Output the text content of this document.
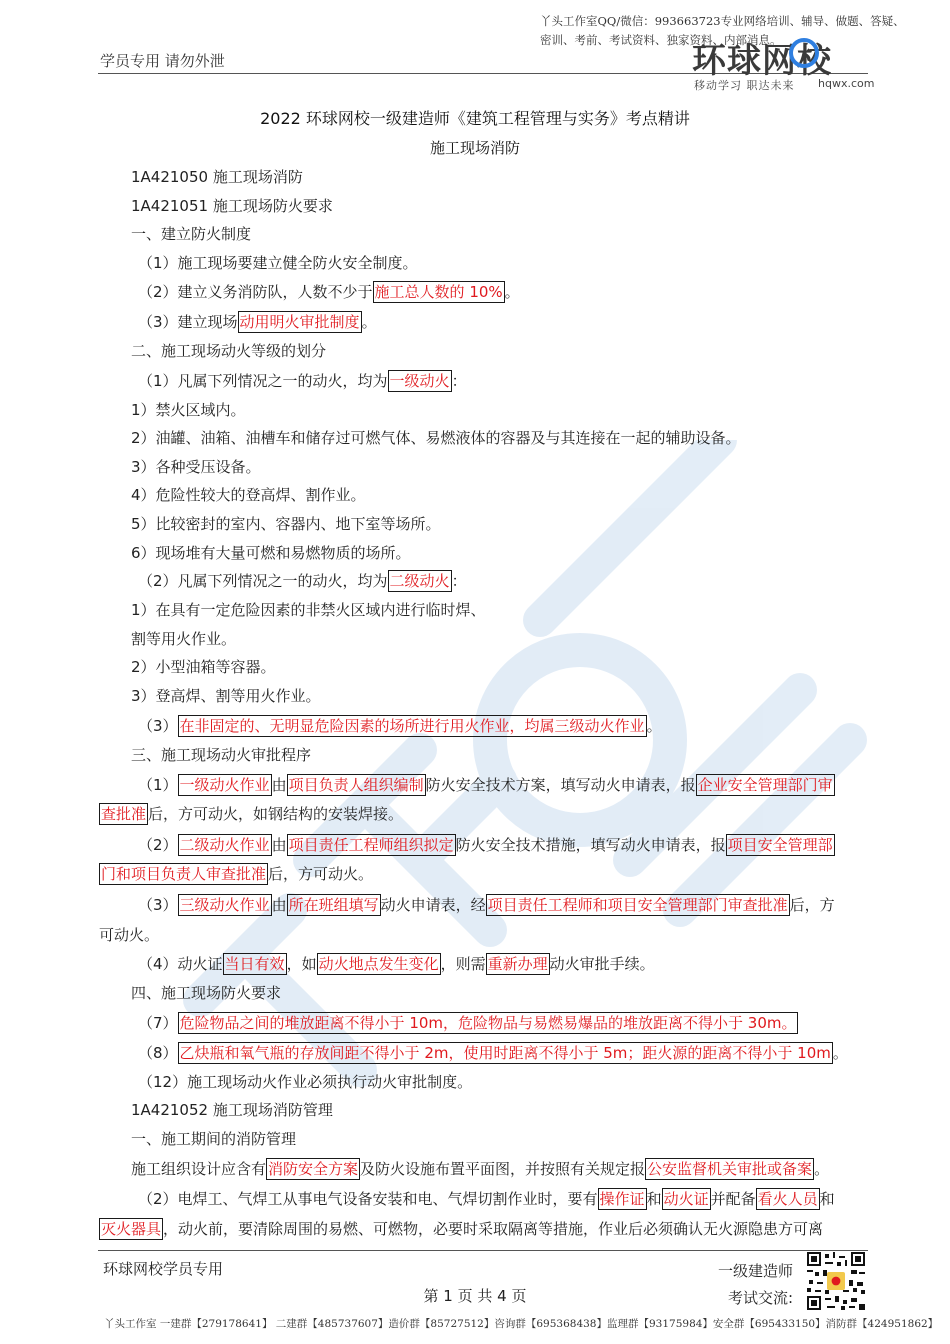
丫头工作室QQ/微信：993663723专业网络培训、辅导、做题、答疑、密训、考前、考试资料、独家资料、内部消息。
学员专用 请勿外泄	环球网校
移动学习 职达未来 hqwx.com
2022 环球网校一级建造师《建筑工程管理与实务》考点精讲
施工现场消防
1A421050 施工现场消防
1A421051 施工现场防火要求
一、建立防火制度
（1）施工现场要建立健全防火安全制度。
（2）建立义务消防队，人数不少于 施工总人数的 10% 。
（3）建立现场 动用明火审批制度 。
二、施工现场动火等级的划分
（1）凡属下列情况之一的动火，均为 一级动火 ：
1）禁火区域内。
2）油罐、油箱、油槽车和储存过可燃气体、易燃液体的容器及与其连接在一起的辅助设备。
3）各种受压设备。
4）危险性较大的登高焊、割作业。
5）比较密封的室内、容器内、地下室等场所。
6）现场堆有大量可燃和易燃物质的场所。
（2）凡属下列情况之一的动火，均为 二级动火 ：
1）在具有一定危险因素的非禁火区域内进行临时焊、
割等用火作业。
2）小型油箱等容器。
3）登高焊、割等用火作业。
（3） 在非固定的、无明显危险因素的场所进行用火作业，均属三级动火作业 。
三、施工现场动火审批程序
（1） 一级动火作业 由 项目负责人组织编制 防火安全技术方案，填写动火申请表，报 企业安全管理部门审
查批准 后，方可动火，如钢结构的安装焊接。
（2） 二级动火作业 由 项目责任工程师组织拟定 防火安全技术措施，填写动火申请表，报 项目安全管理部
门和项目负责人审查批准 后，方可动火。
（3） 三级动火作业 由 所在班组填写 动火申请表，经 项目责任工程师和项目安全管理部门审查批准 后，方
可动火。
（4）动火证 当日有效 ，如 动火地点发生变化 ，则需 重新办理 动火审批手续。
四、施工现场防火要求
（7） 危险物品之间的堆放距离不得小于 10m，危险物品与易燃易爆品的堆放距离不得小于 30m。
（8） 乙炔瓶和氧气瓶的存放间距不得小于 2m，使用时距离不得小于 5m；距火源的距离不得小于 10m 。
（12）施工现场动火作业必须执行动火审批制度。
1A421052 施工现场消防管理
一、施工期间的消防管理
施工组织设计应含有 消防安全方案 及防火设施布置平面图，并按照有关规定报 公安监督机关审批或备案 。
（2）电焊工、气焊工从事电气设备安装和电、气焊切割作业时，要有 操作证 和 动火证 并配备 看火人员 和
灭火器具 ，动火前，要清除周围的易燃、可燃物，必要时采取隔离等措施，作业后必须确认无火源隐患方可离
环球网校学员专用	一级建造师
考试交流:
第 1 页 共 4 页
丫头工作室 一建群【279178641】 二建群【485737607】造价群【85727512】咨询群【695368438】监理群【93175984】安全群【695433150】消防群【424951862】
